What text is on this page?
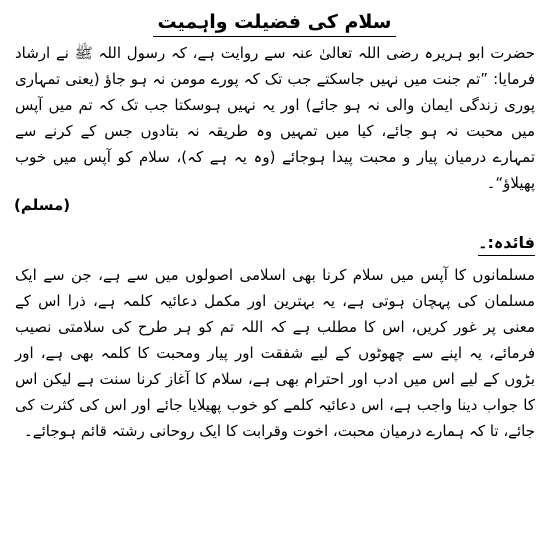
سلام کی فضیلت واہمیت
حضرت ابو ہریرہ رضی اللہ تعالیٰ عنہ سے روایت ہے، کہ رسول اللہ ﷺ نے ارشاد فرمایا: ”تم جنت میں نہیں جاسکتے جب تک کہ پورے مومن نہ ہو جاؤ (یعنی تمہاری پوری زندگی ایمان والی نہ ہو جائے) اور یہ نہیں ہوسکتا جب تک کہ تم میں آپس میں محبت نہ ہو جائے، کیا میں تمہیں وہ طریقہ نہ بتادوں جس کے کرنے سے تمہارے درمیان پیار و محبت پیدا ہوجائے (وہ یہ ہے کہ)، سلام کو آپس میں خوب پھیلاؤ“۔
(مسلم)
فائدہ:۔
مسلمانوں کا آپس میں سلام کرنا بھی اسلامی اصولوں میں سے ہے، جن سے ایک مسلمان کی پہچان ہوتی ہے، یہ بہترین اور مکمل دعائیہ کلمہ ہے، ذرا اس کے معنی پر غور کریں، اس کا مطلب ہے کہ اللہ تم کو ہر طرح کی سلامتی نصیب فرمائے، یہ اپنے سے چھوٹوں کے لیے شفقت اور پیار ومحبت کا کلمہ بھی ہے، اور بڑوں کے لیے اس میں ادب اور احترام بھی ہے، سلام کا آغاز کرنا سنت ہے لیکن اس کا جواب دینا واجب ہے، اس دعائیہ کلمے کو خوب پھیلایا جائے اور اس کی کثرت کی جائے، تا کہ ہمارے درمیان محبت، اخوت وقرابت کا ایک روحانی رشتہ قائم ہوجائے۔
